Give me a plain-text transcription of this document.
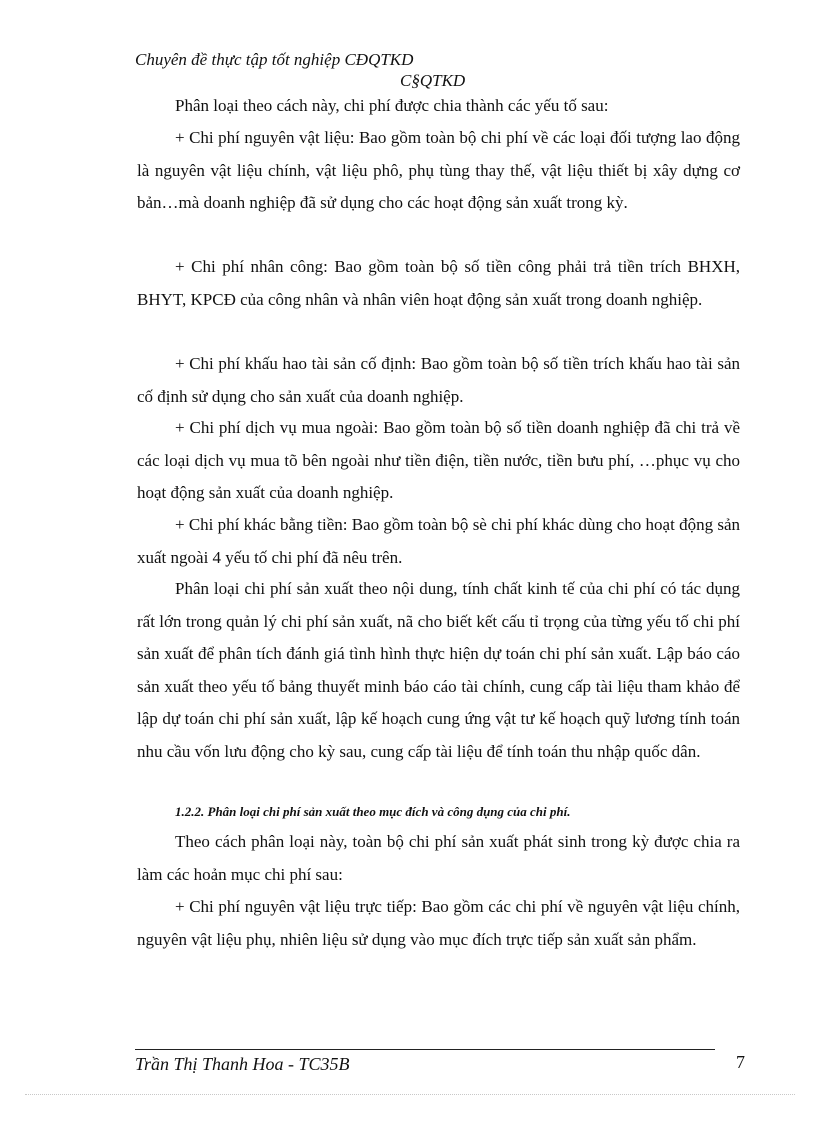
Chuyên đề thực tập tốt nghiệp CĐQTKD
C§QTKD

Phân loại theo cách này, chi phí được chia thành các yếu tố sau:

+ Chi phí nguyên vật liệu: Bao gồm toàn bộ chi phí về các loại đối tượng lao động là nguyên vật liệu chính, vật liệu phô, phụ tùng thay thế, vật liệu thiết bị xây dựng cơ bản…mà doanh nghiệp đã sử dụng cho các hoạt động sản xuất trong kỳ.

+ Chi phí nhân công: Bao gồm toàn bộ số tiền công phải trả tiền trích BHXH, BHYT, KPCĐ của công nhân và nhân viên hoạt động sản xuất trong doanh nghiệp.

+ Chi phí khấu hao tài sản cố định: Bao gồm toàn bộ số tiền trích khấu hao tài sản cố định sử dụng cho sản xuất của doanh nghiệp.

+ Chi phí dịch vụ mua ngoài: Bao gồm toàn bộ số tiền doanh nghiệp đã chi trả về các loại dịch vụ mua tõ bên ngoài như tiền điện, tiền nước, tiền bưu phí, …phục vụ cho hoạt động sản xuất của doanh nghiệp.

+ Chi phí khác bằng tiền: Bao gồm toàn bộ sè chi phí khác dùng cho hoạt động sản xuất ngoài 4 yếu tố chi phí đã nêu trên.

Phân loại chi phí sản xuất theo nội dung, tính chất kinh tế của chi phí có tác dụng rất lớn trong quản lý chi phí sản xuất, nã cho biết kết cấu tỉ trọng của từng yếu tố chi phí sản xuất để phân tích đánh giá tình hình thực hiện dự toán chi phí sản xuất. Lập báo cáo sản xuất theo yếu tố bảng thuyết minh báo cáo tài chính, cung cấp tài liệu tham khảo để lập dự toán chi phí sản xuất, lập kế hoạch cung ứng vật tư kế hoạch quỹ lương tính toán nhu cầu vốn lưu động cho kỳ sau, cung cấp tài liệu để tính toán thu nhập quốc dân.

1.2.2. Phân loại chi phí sản xuất theo mục đích và công dụng của chi phí.

Theo cách phân loại này, toàn bộ chi phí sản xuất phát sinh trong kỳ được chia ra làm các hoản mục chi phí sau:

+ Chi phí nguyên vật liệu trực tiếp: Bao gồm các chi phí về nguyên vật liệu chính, nguyên vật liệu phụ, nhiên liệu sử dụng vào mục đích trực tiếp sản xuất sản phẩm.

Trần Thị Thanh Hoa - TC35B	7
